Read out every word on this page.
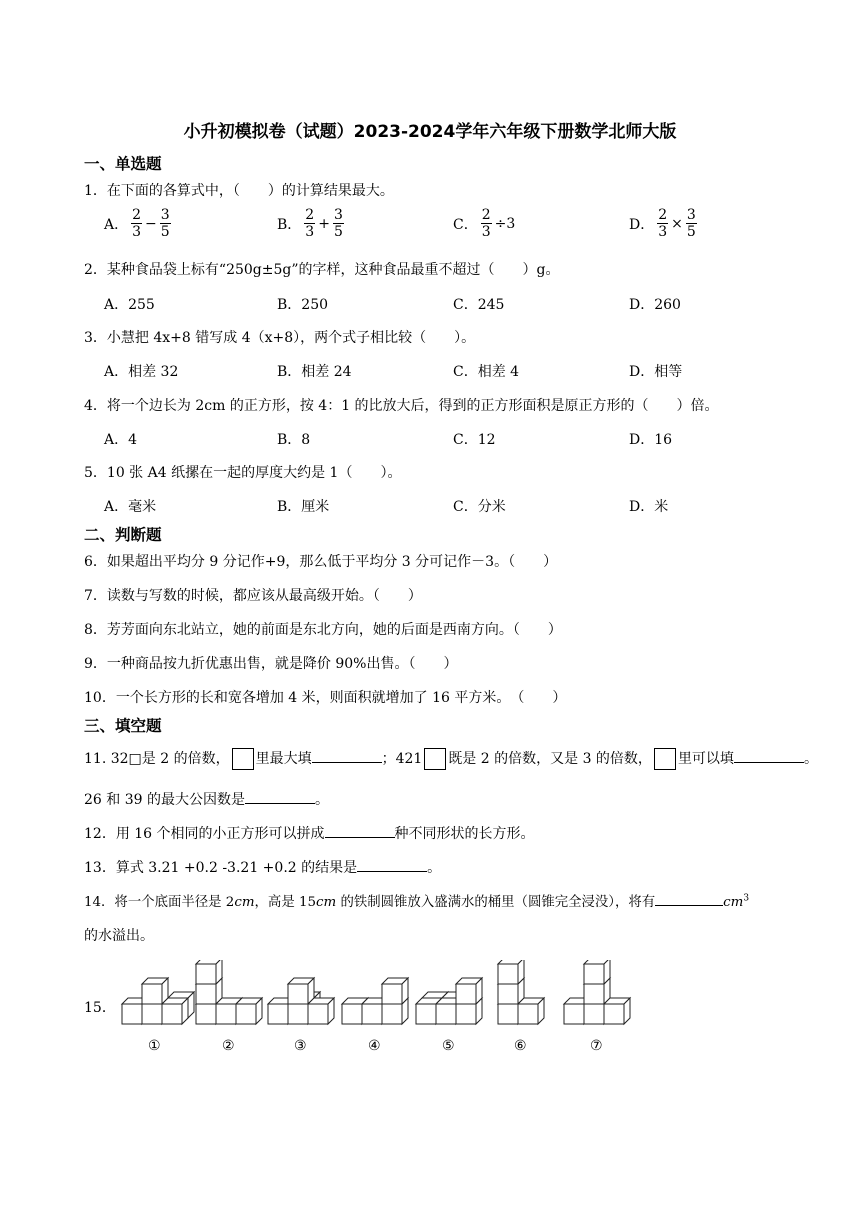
小升初模拟卷（试题）2023-2024学年六年级下册数学北师大版
一、单选题
1．在下面的各算式中，（　　）的计算结果最大。
A． $\frac{2}{3} - \frac{3}{5}$	B． $\frac{2}{3} + \frac{3}{5}$	C． $\frac{2}{3} \div 3$	D． $\frac{2}{3} \times \frac{3}{5}$
2．某种食品袋上标有“250g±5g”的字样，这种食品最重不超过（　　）g。
A．255	B．250	C．245	D．260
3．小慧把 4x+8 错写成 4（x+8），两个式子相比较（　　）。
A．相差 32	B．相差 24	C．相差 4	D．相等
4．将一个边长为 2cm 的正方形，按 4：1 的比放大后，得到的正方形面积是原正方形的（　　）倍。
A．4	B．8	C．12	D．16
5．10 张 A4 纸摞在一起的厚度大约是 1（　　）。
A．毫米	B．厘米	C．分米	D．米
二、判断题
6．如果超出平均分 9 分记作+9，那么低于平均分 3 分可记作－3。（　　）
7．读数与写数的时候，都应该从最高级开始。（　　）
8．芳芳面向东北站立，她的前面是东北方向，她的后面是西南方向。（　　）
9．一种商品按九折优惠出售，就是降价 90%出售。（　　）
10．一个长方形的长和宽各增加 4 米，则面积就增加了 16 平方米。　（　　）
三、填空题
11. 32□是 2 的倍数， 里最大填	；421 既是 2 的倍数，又是 3 的倍数， 里可以填	。
26 和 39 的最大公因数是	。
12．用 16 个相同的小正方形可以拼成	种不同形状的长方形。
13．算式 3.21 +0.2 -3.21 +0.2 的结果是	。
14．将一个底面半径是 2cm，高是 15cm 的铁制圆锥放入盛满水的桶里（圆锥完全浸没），将有	$cm^3$
的水溢出。
15．
①	②	③	④	⑤	⑥	⑦
